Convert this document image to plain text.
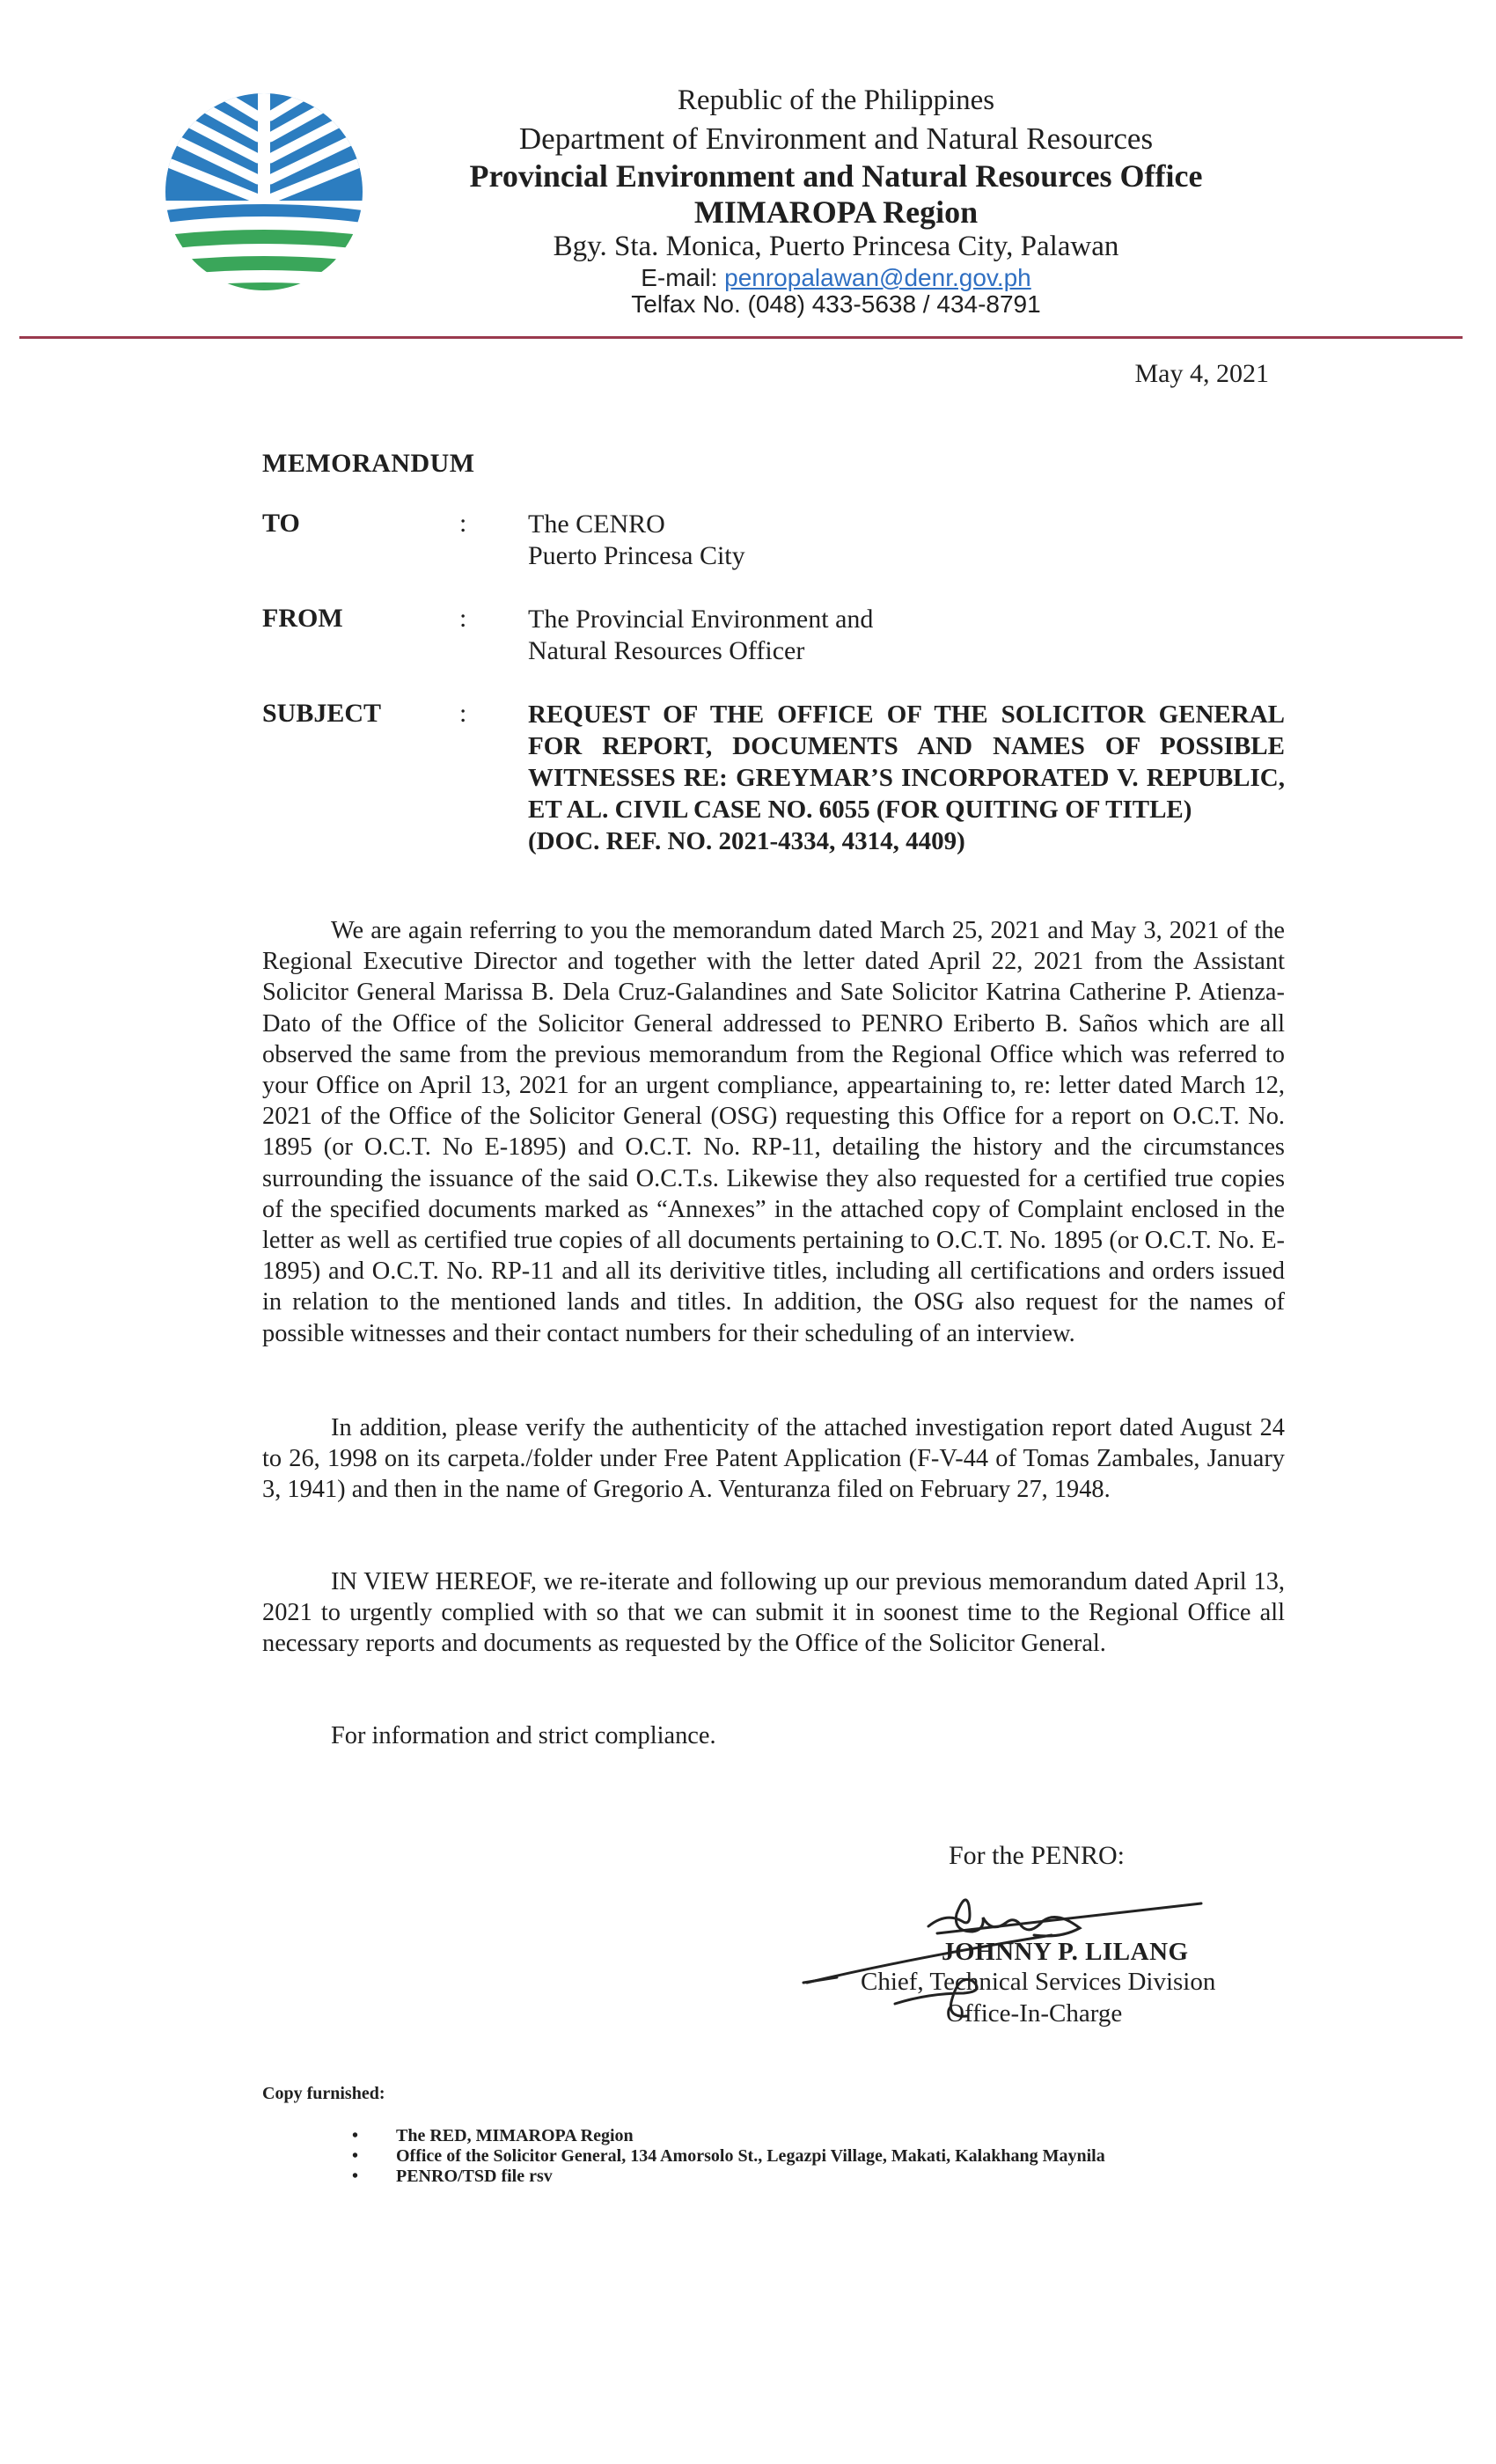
Republic of the Philippines
Department of Environment and Natural Resources
Provincial Environment and Natural Resources Office
MIMAROPA Region
Bgy. Sta. Monica, Puerto Princesa City, Palawan
E-mail: penropalawan@denr.gov.ph
Telfax No. (048) 433-5638 / 434-8791
May 4, 2021
MEMORANDUM
TO	: The CENRO
Puerto Princesa City
FROM	: The Provincial Environment and
Natural Resources Officer
SUBJECT	: REQUEST OF THE OFFICE OF THE SOLICITOR GENERAL FOR REPORT, DOCUMENTS AND NAMES OF POSSIBLE WITNESSES RE: GREYMAR’S INCORPORATED V. REPUBLIC, ET AL. CIVIL CASE NO. 6055 (FOR QUITING OF TITLE)
(DOC. REF. NO. 2021-4334, 4314, 4409)

We are again referring to you the memorandum dated March 25, 2021 and May 3, 2021 of the Regional Executive Director and together with the letter dated April 22, 2021 from the Assistant Solicitor General Marissa B. Dela Cruz-Galandines and Sate Solicitor Katrina Catherine P. Atienza-Dato of the Office of the Solicitor General addressed to PENRO Eriberto B. Saños which are all observed the same from the previous memorandum from the Regional Office which was referred to your Office on April 13, 2021 for an urgent compliance, appeartaining to, re: letter dated March 12, 2021 of the Office of the Solicitor General (OSG) requesting this Office for a report on O.C.T. No. 1895 (or O.C.T. No E-1895) and O.C.T. No. RP-11, detailing the history and the circumstances surrounding the issuance of the said O.C.T.s. Likewise they also requested for a certified true copies of the specified documents marked as “Annexes” in the attached copy of Complaint enclosed in the letter as well as certified true copies of all documents pertaining to O.C.T. No. 1895 (or O.C.T. No. E-1895) and O.C.T. No. RP-11 and all its derivitive titles, including all certifications and orders issued in relation to the mentioned lands and titles. In addition, the OSG also request for the names of possible witnesses and their contact numbers for their scheduling of an interview.

In addition, please verify the authenticity of the attached investigation report dated August 24 to 26, 1998 on its carpeta./folder under Free Patent Application (F-V-44 of Tomas Zambales, January 3, 1941) and then in the name of Gregorio A. Venturanza filed on February 27, 1948.

IN VIEW HEREOF, we re-iterate and following up our previous memorandum dated April 13, 2021 to urgently complied with so that we can submit it in soonest time to the Regional Office all necessary reports and documents as requested by the Office of the Solicitor General.

For information and strict compliance.

For the PENRO:
JOHNNY P. LILANG
Chief, Technical Services Division
Office-In-Charge
Copy furnished:
• The RED, MIMAROPA Region
• Office of the Solicitor General, 134 Amorsolo St., Legazpi Village, Makati, Kalakhang Maynila
• PENRO/TSD file rsv
